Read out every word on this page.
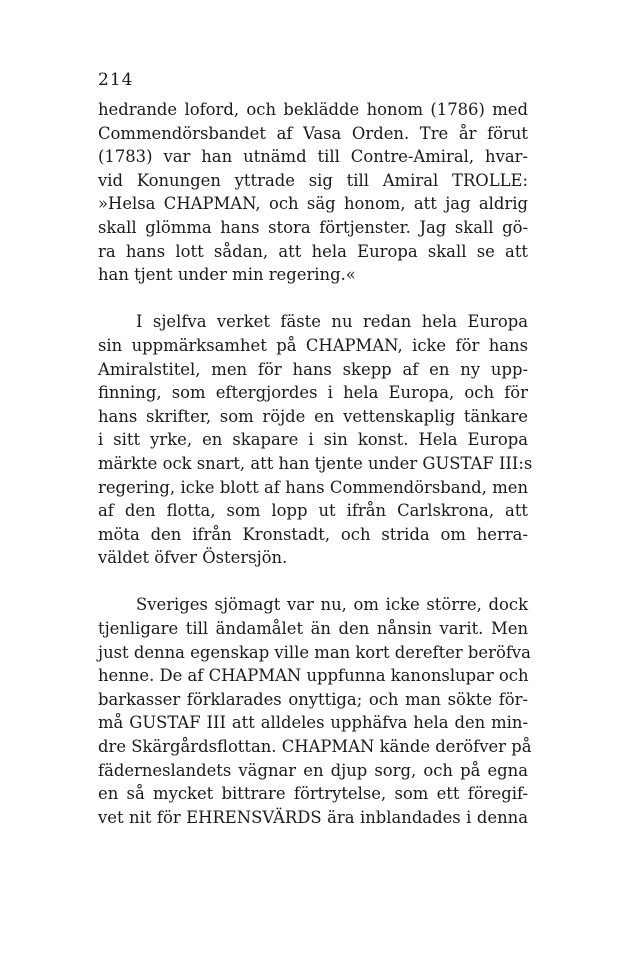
214
hedrande loford, och beklädde honom (1786) med
Commendörsbandet af Vasa Orden. Tre år förut
(1783) var han utnämd till Contre-Amiral, hvar-
vid Konungen yttrade sig till Amiral TROLLE:
»Helsa CHAPMAN, och säg honom, att jag aldrig
skall glömma hans stora förtjenster. Jag skall gö-
ra hans lott sådan, att hela Europa skall se att
han tjent under min regering.«
I sjelfva verket fäste nu redan hela Europa
sin uppmärksamhet på CHAPMAN, icke för hans
Amiralstitel, men för hans skepp af en ny upp-
finning, som eftergjordes i hela Europa, och för
hans skrifter, som röjde en vettenskaplig tänkare
i sitt yrke, en skapare i sin konst. Hela Europa
märkte ock snart, att han tjente under GUSTAF III:s
regering, icke blott af hans Commendörsband, men
af den flotta, som lopp ut ifrån Carlskrona, att
möta den ifrån Kronstadt, och strida om herra-
väldet öfver Östersjön.
Sveriges sjömagt var nu, om icke större, dock
tjenligare till ändamålet än den nånsin varit. Men
just denna egenskap ville man kort derefter beröfva
henne. De af CHAPMAN uppfunna kanonslupar och
barkasser förklarades onyttiga; och man sökte för-
må GUSTAF III att alldeles upphäfva hela den min-
dre Skärgårdsflottan. CHAPMAN kände deröfver på
fäderneslandets vägnar en djup sorg, och på egna
en så mycket bittrare förtrytelse, som ett föregif-
vet nit för EHRENSVÄRDS ära inblandades i denna
